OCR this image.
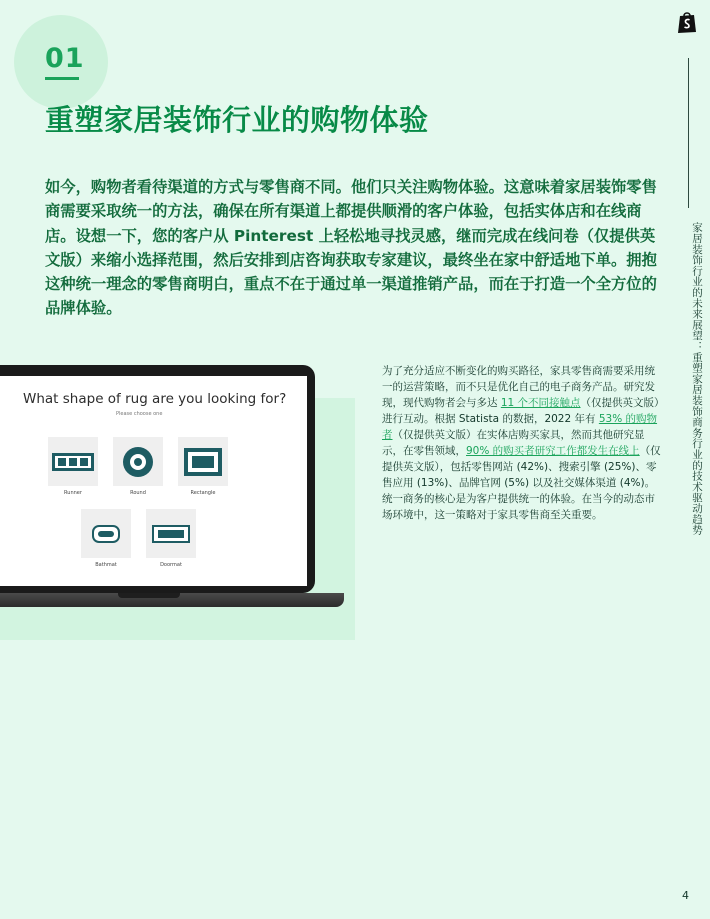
01
重塑家居装饰行业的购物体验

如今，购物者看待渠道的方式与零售商不同。他们只关注购物体验。这意味着家居装饰零售商需要采取统一的方法，确保在所有渠道上都提供顺滑的客户体验，包括实体店和在线商店。设想一下，您的客户从 Pinterest 上轻松地寻找灵感，继而完成在线问卷（仅提供英文版）来缩小选择范围，然后安排到店咨询获取专家建议，最终坐在家中舒适地下单。拥抱这种统一理念的零售商明白，重点不在于通过单一渠道推销产品，而在于打造一个全方位的品牌体验。	家居装饰行业的未来展望：重塑家居装饰商务行业的技术驱动趋势
What shape of rug are you looking for?
Please choose one
Runner	Round	Rectangle
Bathmat	Doormat

为了充分适应不断变化的购买路径，家具零售商需要采用统一的运营策略，而不只是优化自己的电子商务产品。研究发现，现代购物者会与多达 11 个不同接触点（仅提供英文版）进行互动。根据 Statista 的数据，2022 年有 53% 的购物者（仅提供英文版）在实体店购买家具，然而其他研究显示，在零售领域，90% 的购买者研究工作都发生在线上（仅提供英文版），包括零售网站 (42%)、搜索引擎 (25%)、零售应用 (13%)、品牌官网 (5%) 以及社交媒体渠道 (4%)。统一商务的核心是为客户提供统一的体验。在当今的动态市场环境中，这一策略对于家具零售商至关重要。

4
